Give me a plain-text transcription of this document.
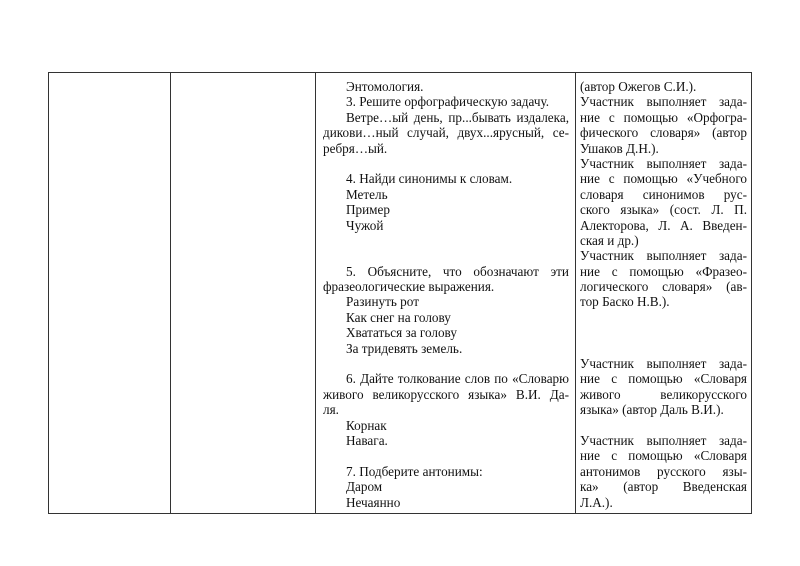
Энтомология.
3. Решите орфографическую задачу.
Ветре…ый день, пр...бывать издалека,
дикови…ный случай, двух...ярусный, се-
ребря…ый.
4. Найди синонимы к словам.
Метель
Пример
Чужой
5. Объясните, что обозначают эти
фразеологические выражения.
Разинуть рот
Как снег на голову
Хвататься за голову
За тридевять земель.
6. Дайте толкование слов по «Словарю
живого великорусского языка» В.И. Да-
ля.
Корнак
Навага.
7. Подберите антонимы:
Даром
Нечаянно
(автор Ожегов С.И.).
Участник выполняет зада-
ние с помощью «Орфогра-
фического словаря» (автор
Ушаков Д.Н.).
Участник выполняет зада-
ние с помощью «Учебного
словаря синонимов рус-
ского языка» (сост. Л. П.
Алекторова, Л. А. Введен-
ская и др.)
Участник выполняет зада-
ние с помощью «Фразео-
логического словаря» (ав-
тор Баско Н.В.).
Участник выполняет зада-
ние с помощью «Словаря
живого великорусского
языка» (автор Даль В.И.).
Участник выполняет зада-
ние с помощью «Словаря
антонимов русского язы-
ка» (автор Введенская
Л.А.).
